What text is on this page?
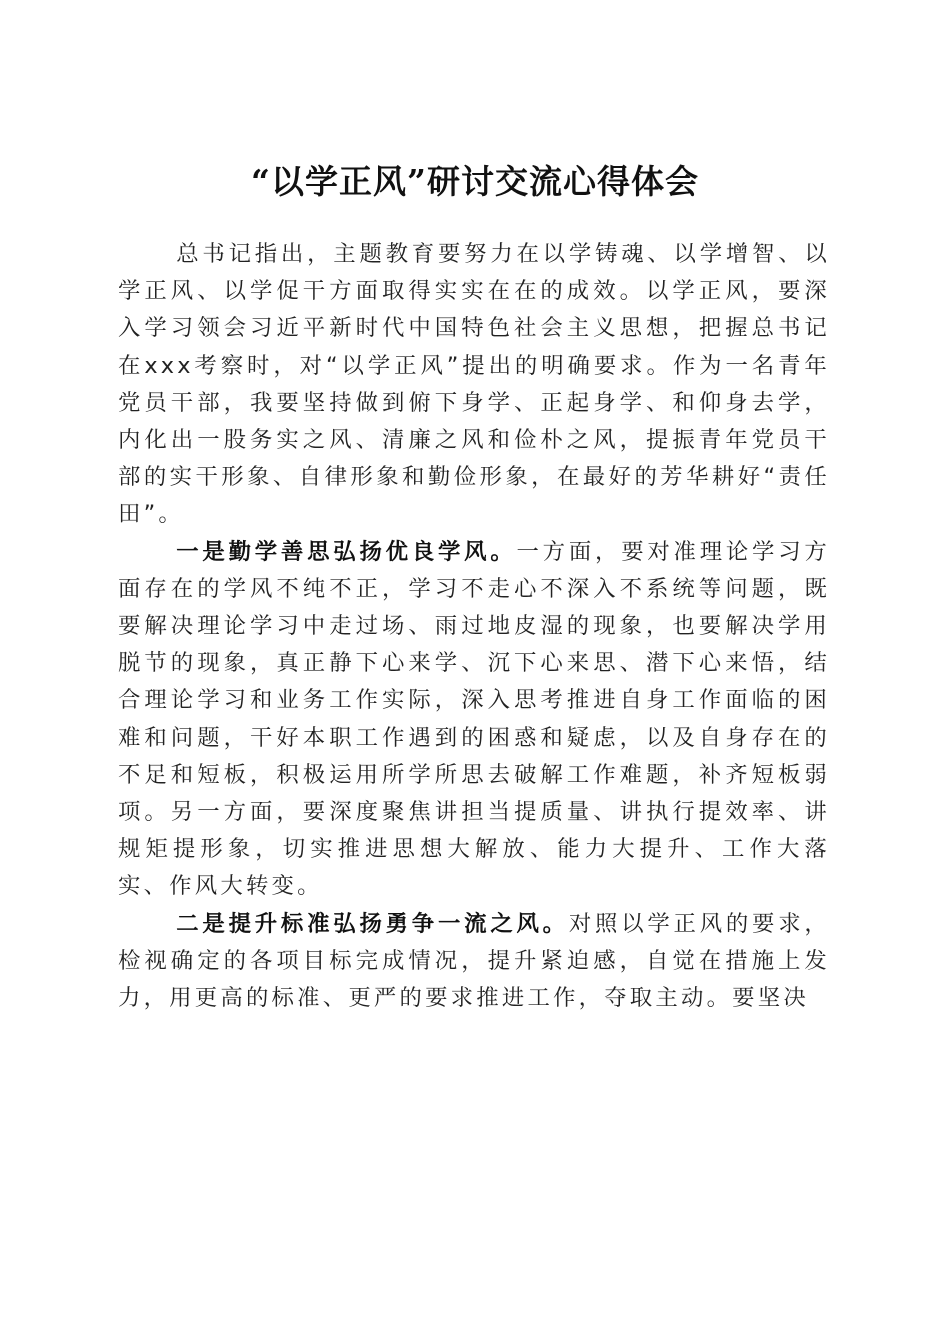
“以学正风”研讨交流心得体会

总书记指出，主题教育要努力在以学铸魂、以学增智、以学正风、以学促干方面取得实实在在的成效。以学正风，要深入学习领会习近平新时代中国特色社会主义思想，把握总书记在xxx考察时，对“以学正风”提出的明确要求。作为一名青年党员干部，我要坚持做到俯下身学、正起身学、和仰身去学，内化出一股务实之风、清廉之风和俭朴之风，提振青年党员干部的实干形象、自律形象和勤俭形象，在最好的芳华耕好“责任田”。

一是勤学善思弘扬优良学风。一方面，要对准理论学习方面存在的学风不纯不正，学习不走心不深入不系统等问题，既要解决理论学习中走过场、雨过地皮湿的现象，也要解决学用脱节的现象，真正静下心来学、沉下心来思、潜下心来悟，结合理论学习和业务工作实际，深入思考推进自身工作面临的困难和问题，干好本职工作遇到的困惑和疑虑，以及自身存在的不足和短板，积极运用所学所思去破解工作难题，补齐短板弱项。另一方面，要深度聚焦讲担当提质量、讲执行提效率、讲规矩提形象，切实推进思想大解放、能力大提升、工作大落实、作风大转变。

二是提升标准弘扬勇争一流之风。对照以学正风的要求，检视确定的各项目标完成情况，提升紧迫感，自觉在措施上发力，用更高的标准、更严的要求推进工作，夺取主动。要坚决
